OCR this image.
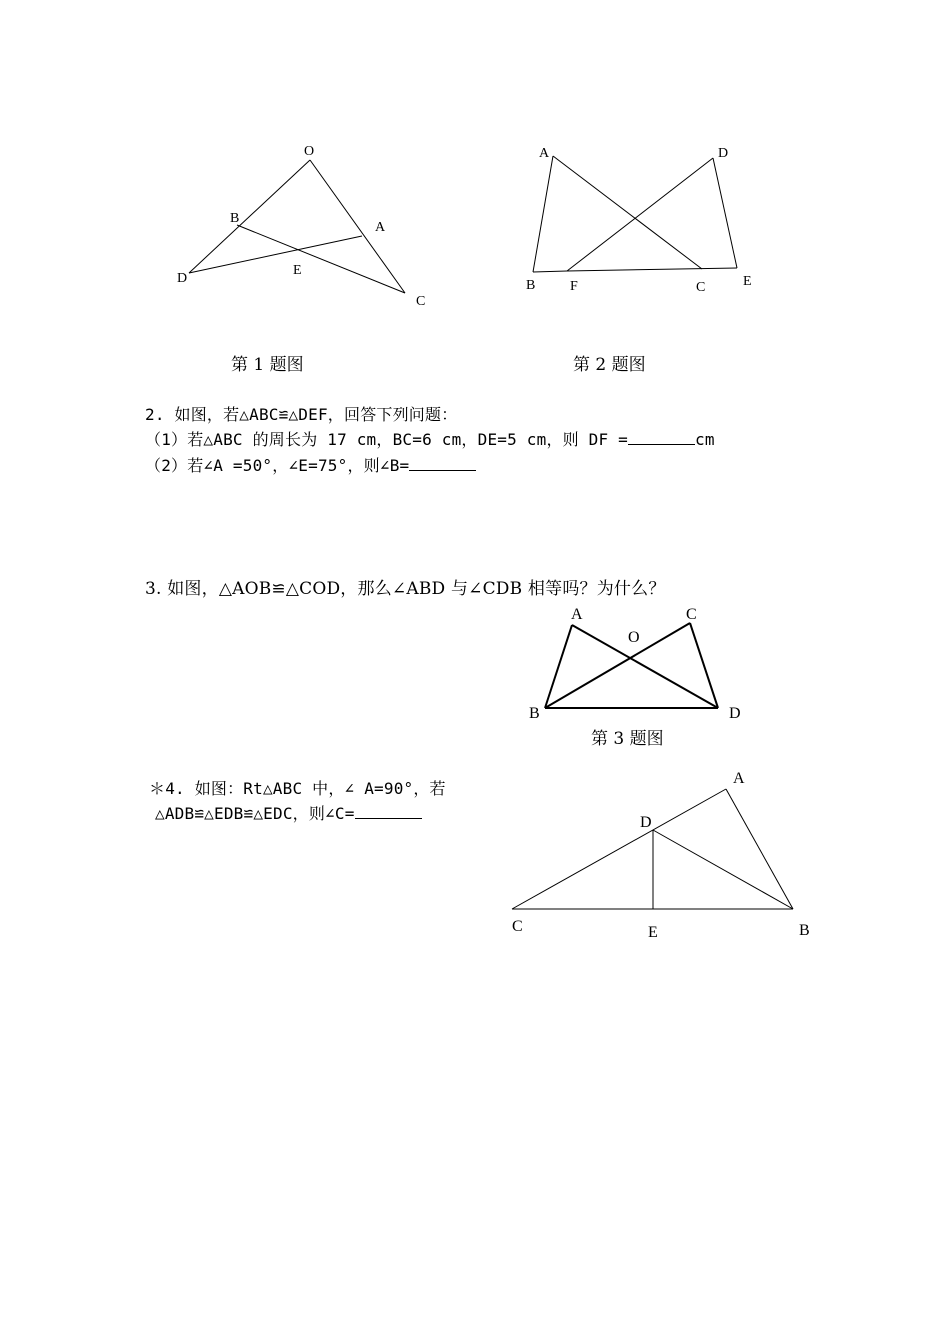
O
B
A
D
E
C
第 1 题图
A	D
B F	C	E
第 2 题图
2. 如图，若△ABC≌△DEF，回答下列问题：
（1）若△ABC 的周长为 17 cm，BC=6 cm，DE=5 cm，则 DF =	cm
（2）若∠A =50°，∠E=75°，则∠B=
3. 如图，△AOB≌△COD，那么∠ABD 与∠CDB 相等吗？为什么？
A	C
O
B	D
第 3 题图
＊4. 如图：Rt△ABC 中，∠ A=90°，若
△ADB≌△EDB≌△EDC，则∠C=
A
D
C	E	B
